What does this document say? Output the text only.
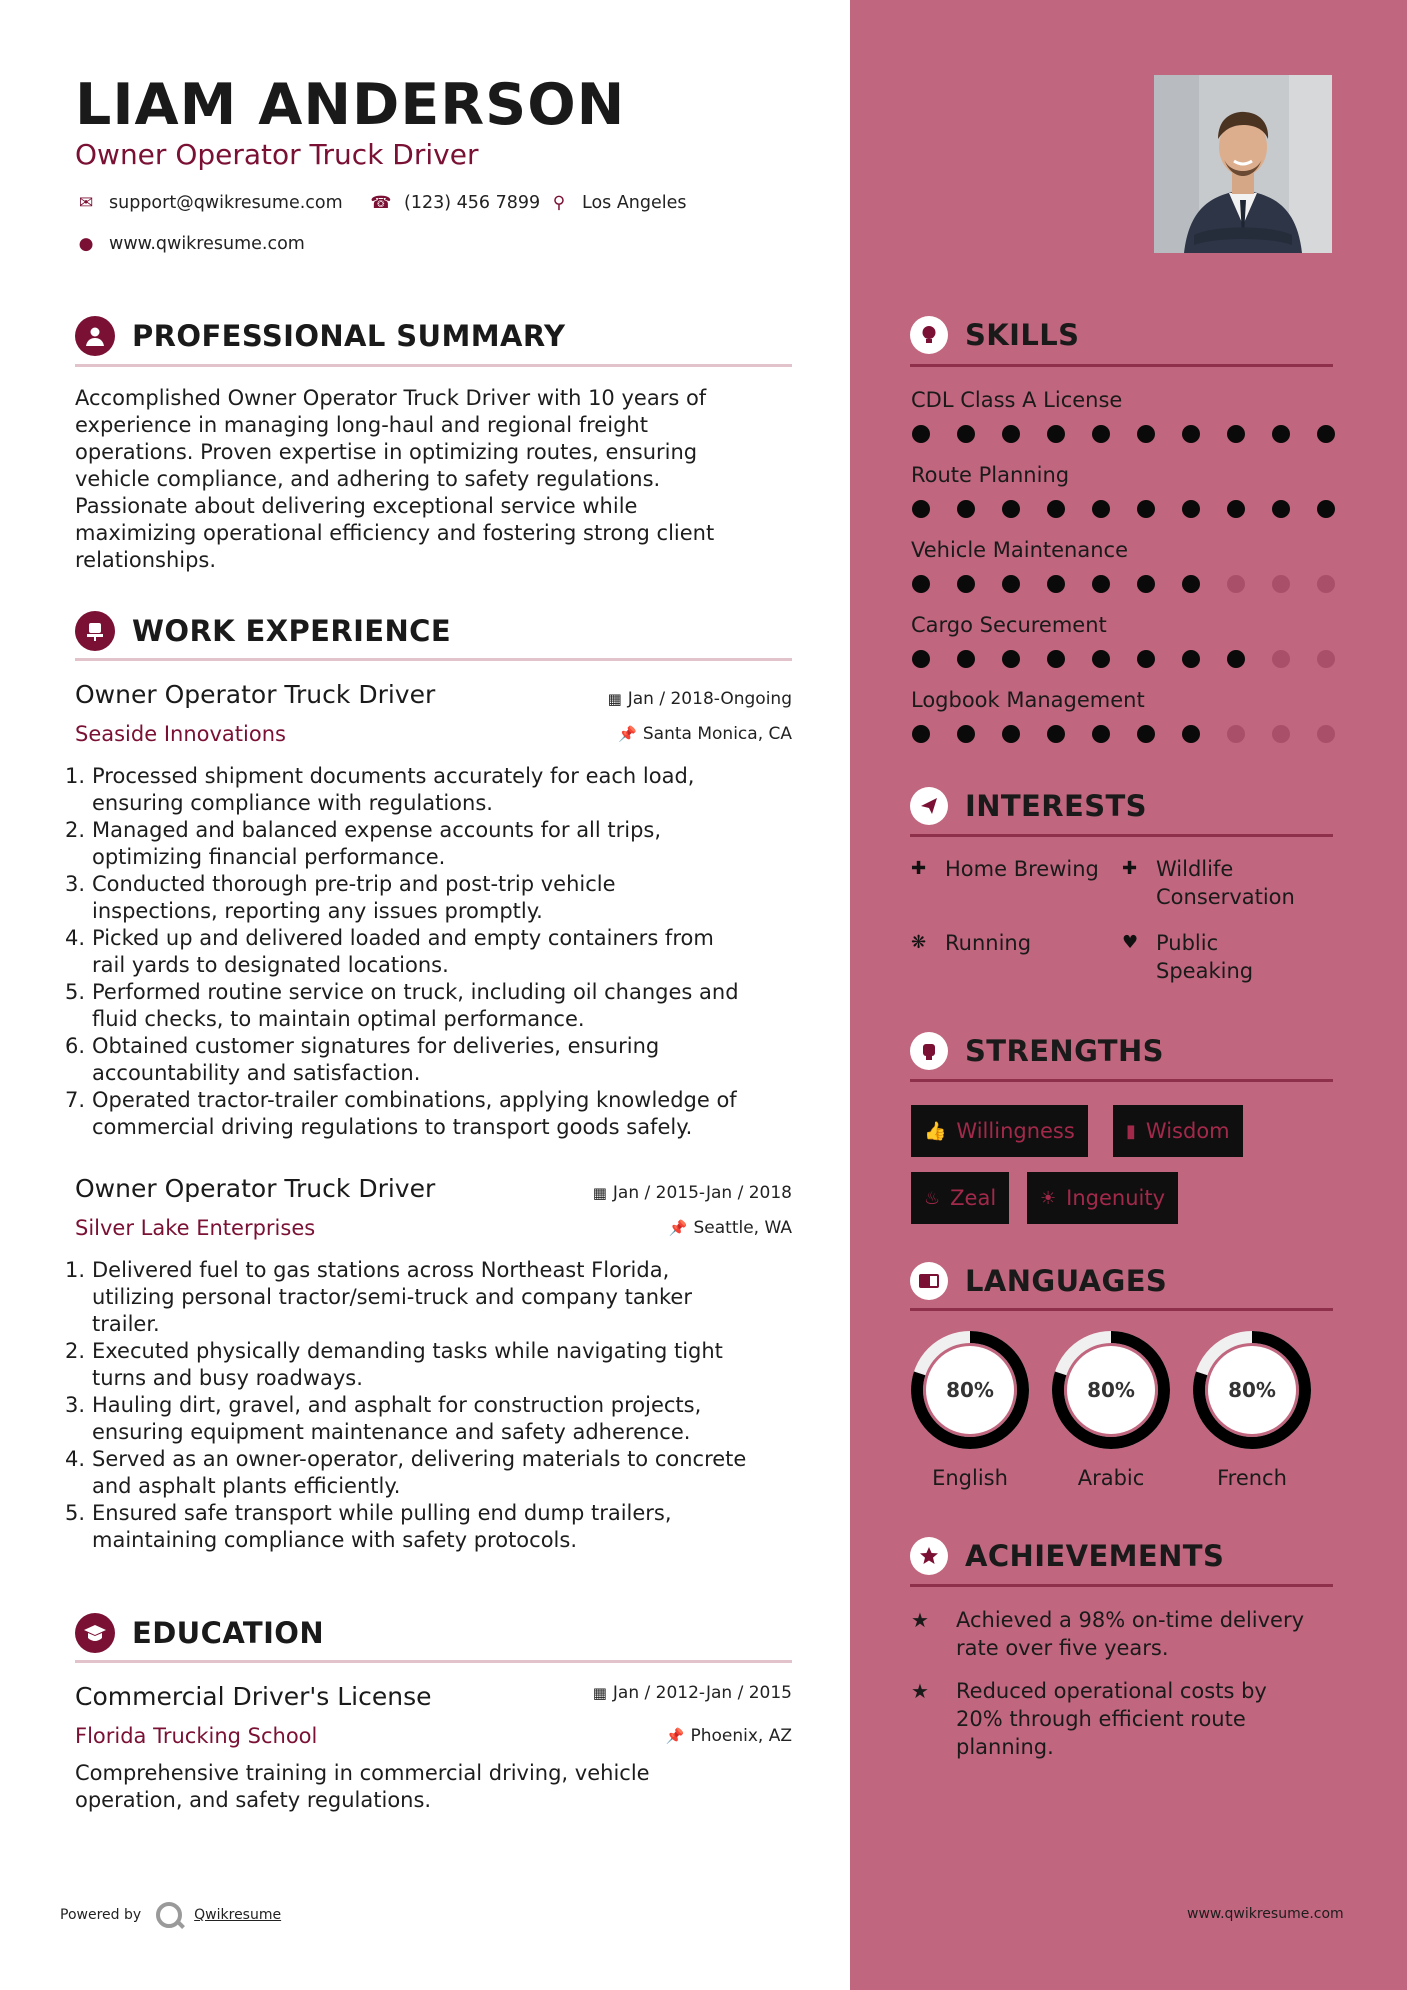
LIAM ANDERSON
Owner Operator Truck Driver
✉ support@qwikresume.com ☎ (123) 456 7899 ⚲ Los Angeles
● www.qwikresume.com
PROFESSIONAL SUMMARY
Accomplished Owner Operator Truck Driver with 10 years of
experience in managing long-haul and regional freight
operations. Proven expertise in optimizing routes, ensuring
vehicle compliance, and adhering to safety regulations.
Passionate about delivering exceptional service while
maximizing operational efficiency and fostering strong client
relationships.
WORK EXPERIENCE
Owner Operator Truck Driver	▦ Jan / 2018-Ongoing
Seaside Innovations	📌 Santa Monica, CA
1. Processed shipment documents accurately for each load,
ensuring compliance with regulations.
2. Managed and balanced expense accounts for all trips,
optimizing financial performance.
3. Conducted thorough pre-trip and post-trip vehicle
inspections, reporting any issues promptly.
4. Picked up and delivered loaded and empty containers from
rail yards to designated locations.
5. Performed routine service on truck, including oil changes and
fluid checks, to maintain optimal performance.
6. Obtained customer signatures for deliveries, ensuring
accountability and satisfaction.
7. Operated tractor-trailer combinations, applying knowledge of
commercial driving regulations to transport goods safely.
Owner Operator Truck Driver	▦ Jan / 2015-Jan / 2018
Silver Lake Enterprises	📌 Seattle, WA
1. Delivered fuel to gas stations across Northeast Florida,
utilizing personal tractor/semi-truck and company tanker
trailer.
2. Executed physically demanding tasks while navigating tight
turns and busy roadways.
3. Hauling dirt, gravel, and asphalt for construction projects,
ensuring equipment maintenance and safety adherence.
4. Served as an owner-operator, delivering materials to concrete
and asphalt plants efficiently.
5. Ensured safe transport while pulling end dump trailers,
maintaining compliance with safety protocols.
EDUCATION
Commercial Driver's License	▦ Jan / 2012-Jan / 2015
Florida Trucking School	📌 Phoenix, AZ
Comprehensive training in commercial driving, vehicle
operation, and safety regulations.
Powered by	Qwikresume	www.qwikresume.com
SKILLS
CDL Class A License
Route Planning
Vehicle Maintenance
Cargo Securement
Logbook Management
INTERESTS
✚ Home Brewing ✚ Wildlife
Conservation
❋ Running	♥ Public
Speaking
STRENGTHS
👍 Willingness	▮ Wisdom
♨ Zeal ☀ Ingenuity
LANGUAGES
80%
English
80%
Arabic
80%
French
ACHIEVEMENTS
★	Achieved a 98% on-time delivery
rate over five years.
★	Reduced operational costs by
20% through efficient route
planning.
